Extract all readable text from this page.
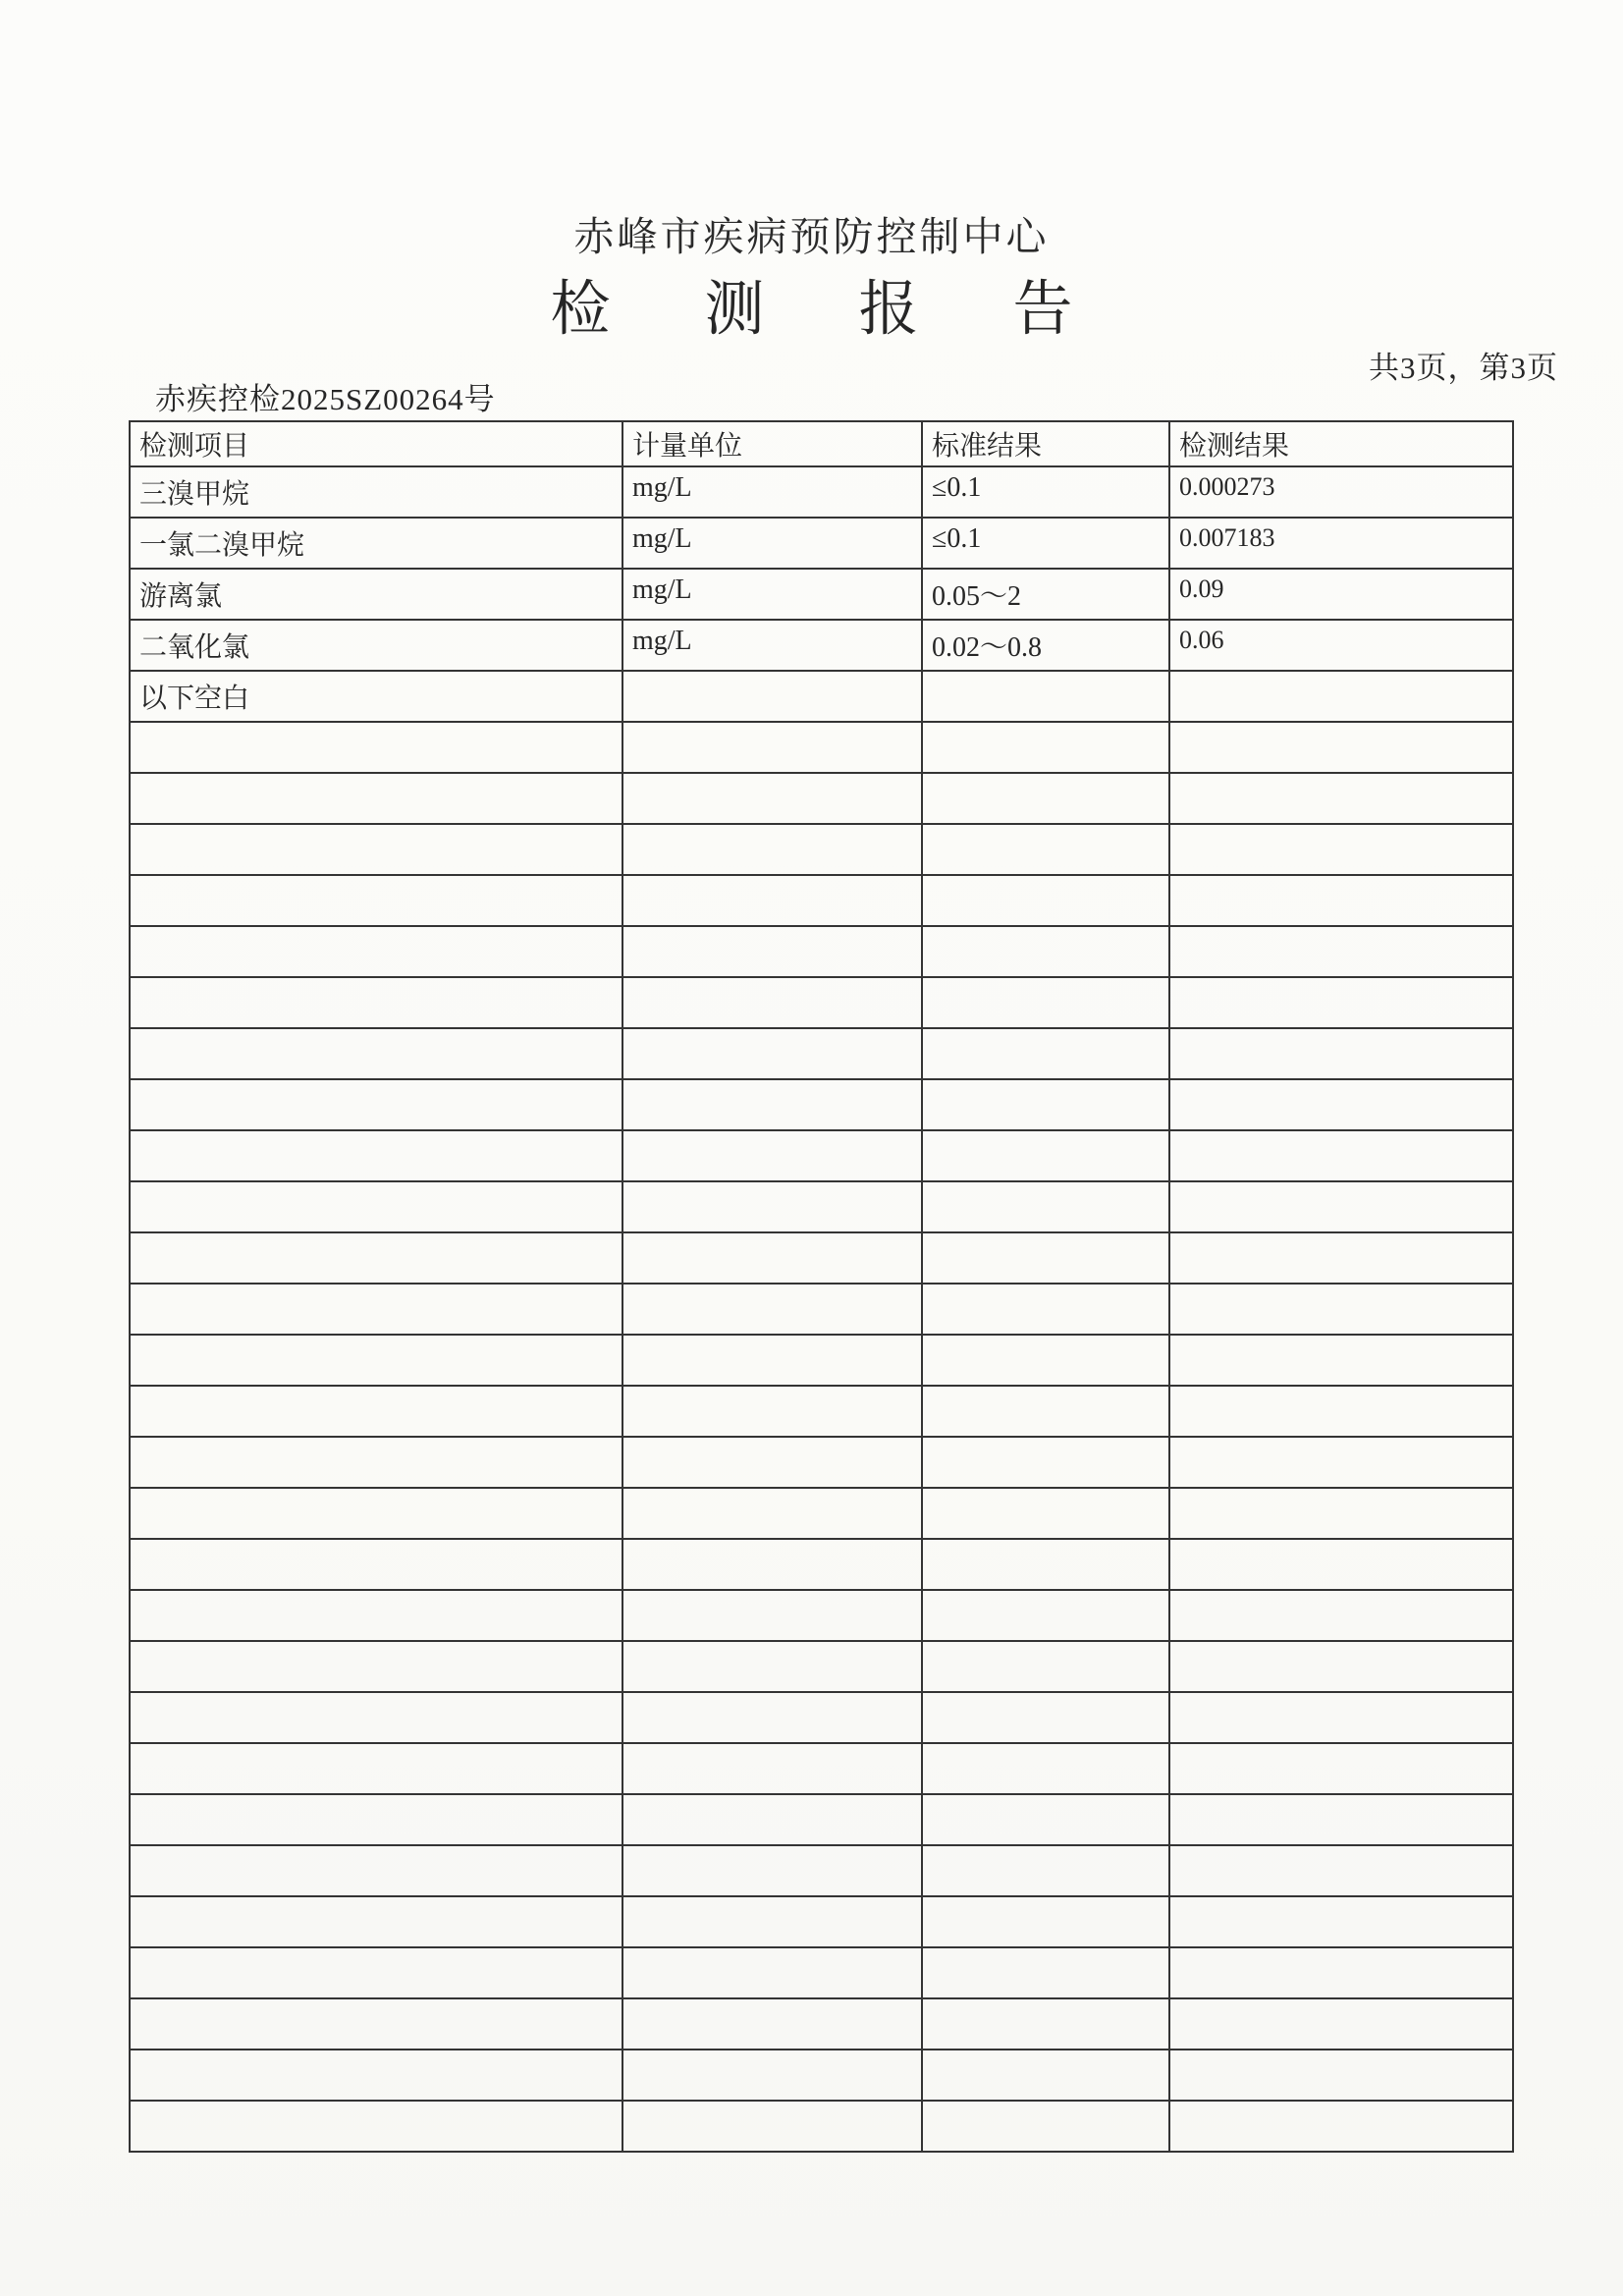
赤峰市疾病预防控制中心
检测报告
共3页，第3页
赤疾控检2025SZ00264号
检测项目	计量单位	标准结果	检测结果
三溴甲烷	mg/L	≤0.1	0.000273
一氯二溴甲烷	mg/L	≤0.1	0.007183
游离氯	mg/L	0.05～2	0.09
二氧化氯	mg/L	0.02～0.8	0.06
以下空白			
